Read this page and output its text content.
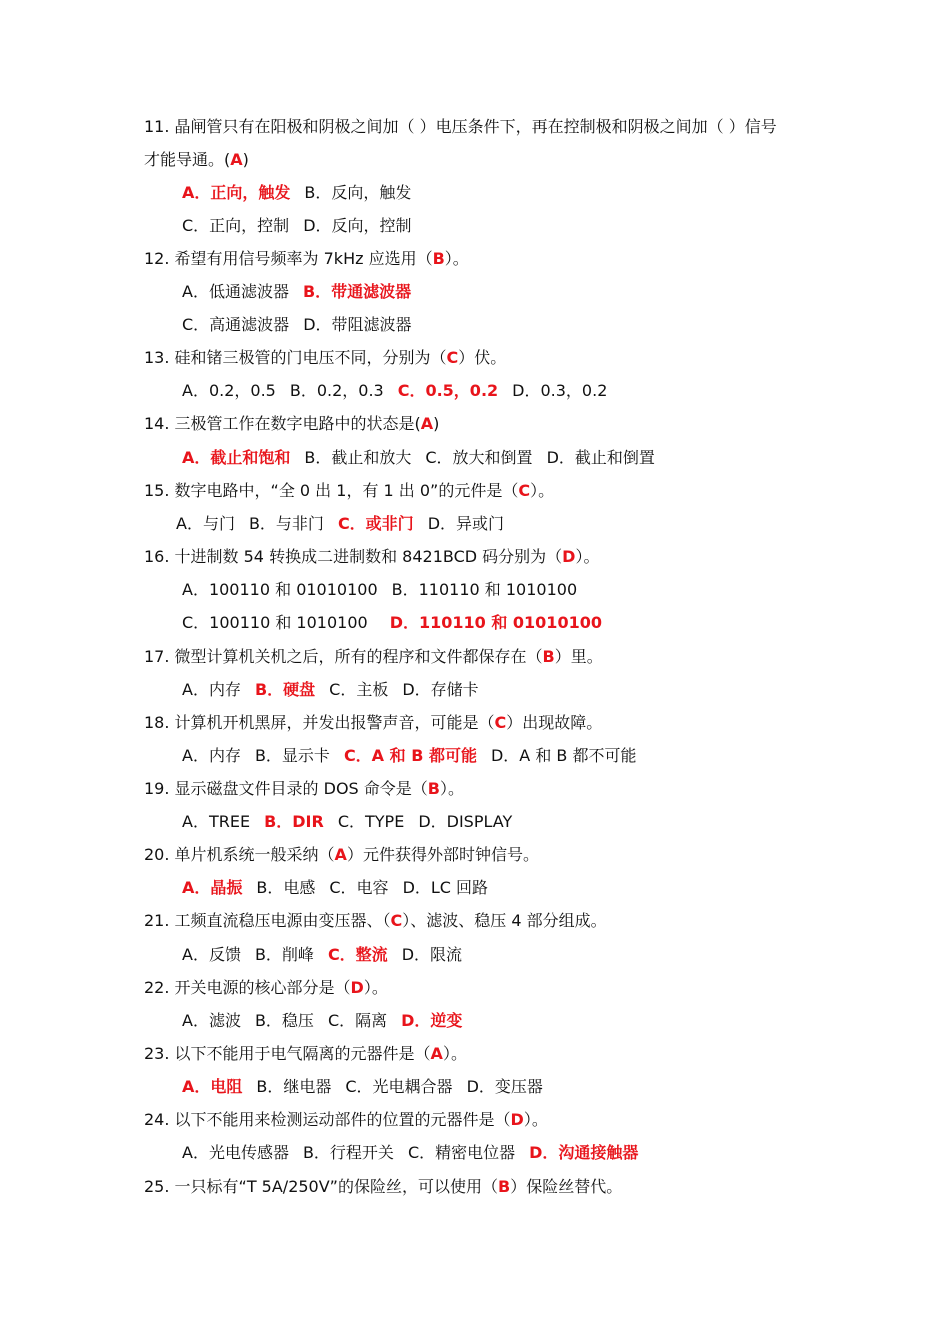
11. 晶闸管只有在阳极和阴极之间加（ ）电压条件下，再在控制极和阴极之间加（ ）信号
才能导通。(A)
A．正向，触发 B．反向，触发
C．正向，控制 D．反向，控制
12. 希望有用信号频率为 7kHz 应选用（B）。
A．低通滤波器 B．带通滤波器
C．高通滤波器 D．带阻滤波器
13. 硅和锗三极管的门电压不同，分别为（C）伏。
A．0.2，0.5 B．0.2，0.3 C．0.5，0.2 D．0.3，0.2
14. 三极管工作在数字电路中的状态是(A)
A．截止和饱和 B．截止和放大 C．放大和倒置 D．截止和倒置
15. 数字电路中，“全 0 出 1，有 1 出 0”的元件是（C）。
A．与门 B．与非门 C．或非门 D．异或门
16. 十进制数 54 转换成二进制数和 8421BCD 码分别为（D）。
A．100110 和 01010100 B．110110 和 1010100
C．100110 和 1010100 D．110110 和 01010100
17. 微型计算机关机之后，所有的程序和文件都保存在（B）里。
A．内存 B．硬盘 C．主板 D．存储卡
18. 计算机开机黑屏，并发出报警声音，可能是（C）出现故障。
A．内存 B．显示卡 C．A 和 B 都可能 D．A 和 B 都不可能
19. 显示磁盘文件目录的 DOS 命令是（B）。
A．TREE B．DIR C．TYPE D．DISPLAY
20. 单片机系统一般采纳（A）元件获得外部时钟信号。
A．晶振 B．电感 C．电容 D．LC 回路
21. 工频直流稳压电源由变压器、（C）、滤波、稳压 4 部分组成。
A．反馈 B．削峰 C．整流 D．限流
22. 开关电源的核心部分是（D）。
A．滤波 B．稳压 C．隔离 D．逆变
23. 以下不能用于电气隔离的元器件是（A）。
A．电阻 B．继电器 C．光电耦合器 D．变压器
24. 以下不能用来检测运动部件的位置的元器件是（D）。
A．光电传感器 B．行程开关 C．精密电位器 D．沟通接触器
25. 一只标有“T 5A/250V”的保险丝，可以使用（B）保险丝替代。
